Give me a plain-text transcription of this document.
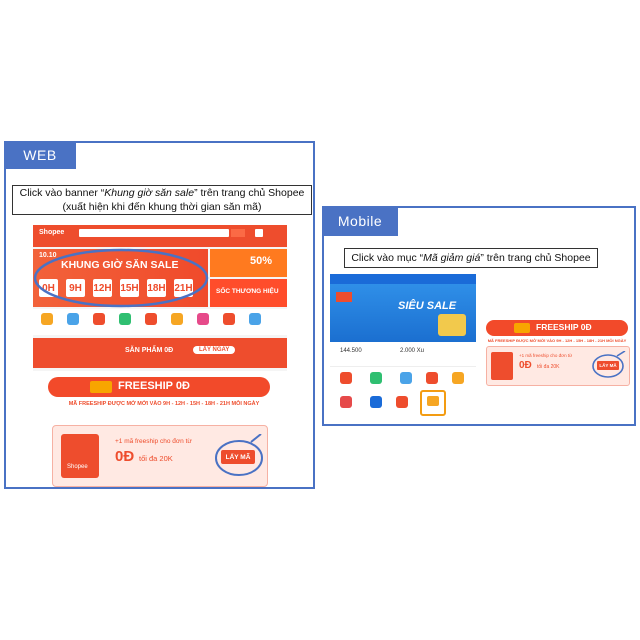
WEB
Click vào banner “Khung giờ săn sale” trên trang chủ Shopee
(xuất hiện khi đến khung thời gian săn mã)
Shopee
10.10
KHUNG GIỜ SĂN SALE
0H	9H	12H 15H 18H 21H
50%
SỐC THƯƠNG HIỆU
SĂN PHẨM 0Đ	LẤY NGAY
FREESHIP 0Đ
MÃ FREESHIP ĐƯỢC MỞ MỚI VÀO 9H - 12H - 15H - 18H - 21H MỖI NGÀY
Shopee
+1 mã freeship cho đơn từ
0Đ tối đa 20K	LẤY MÃ
Mobile
Click vào mục “Mã giảm giá” trên trang chủ Shopee
SIÊU SALE
144.500	2.000 Xu
FREESHIP 0Đ
MÃ FREESHIP ĐƯỢC MỞ MỚI VÀO 9H - 12H - 15H - 18H - 21H MỖI NGÀY
+1 mã freeship cho đơn từ
0Đ tối đa 20K	LẤY MÃ
